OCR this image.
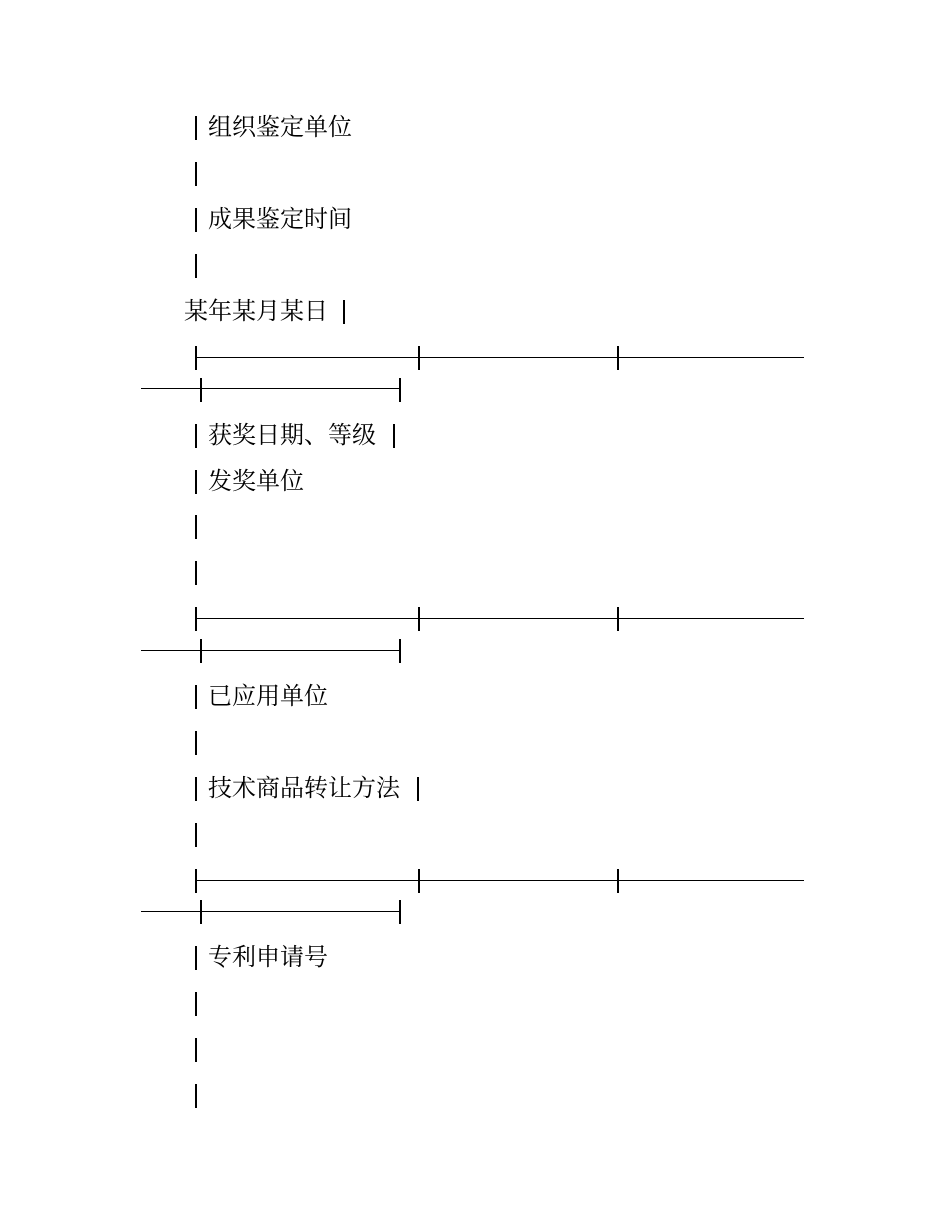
组织鉴定单位
成果鉴定时间
某年某月某日
获奖日期、等级
发奖单位
已应用单位
技术商品转让方法
专利申请号
